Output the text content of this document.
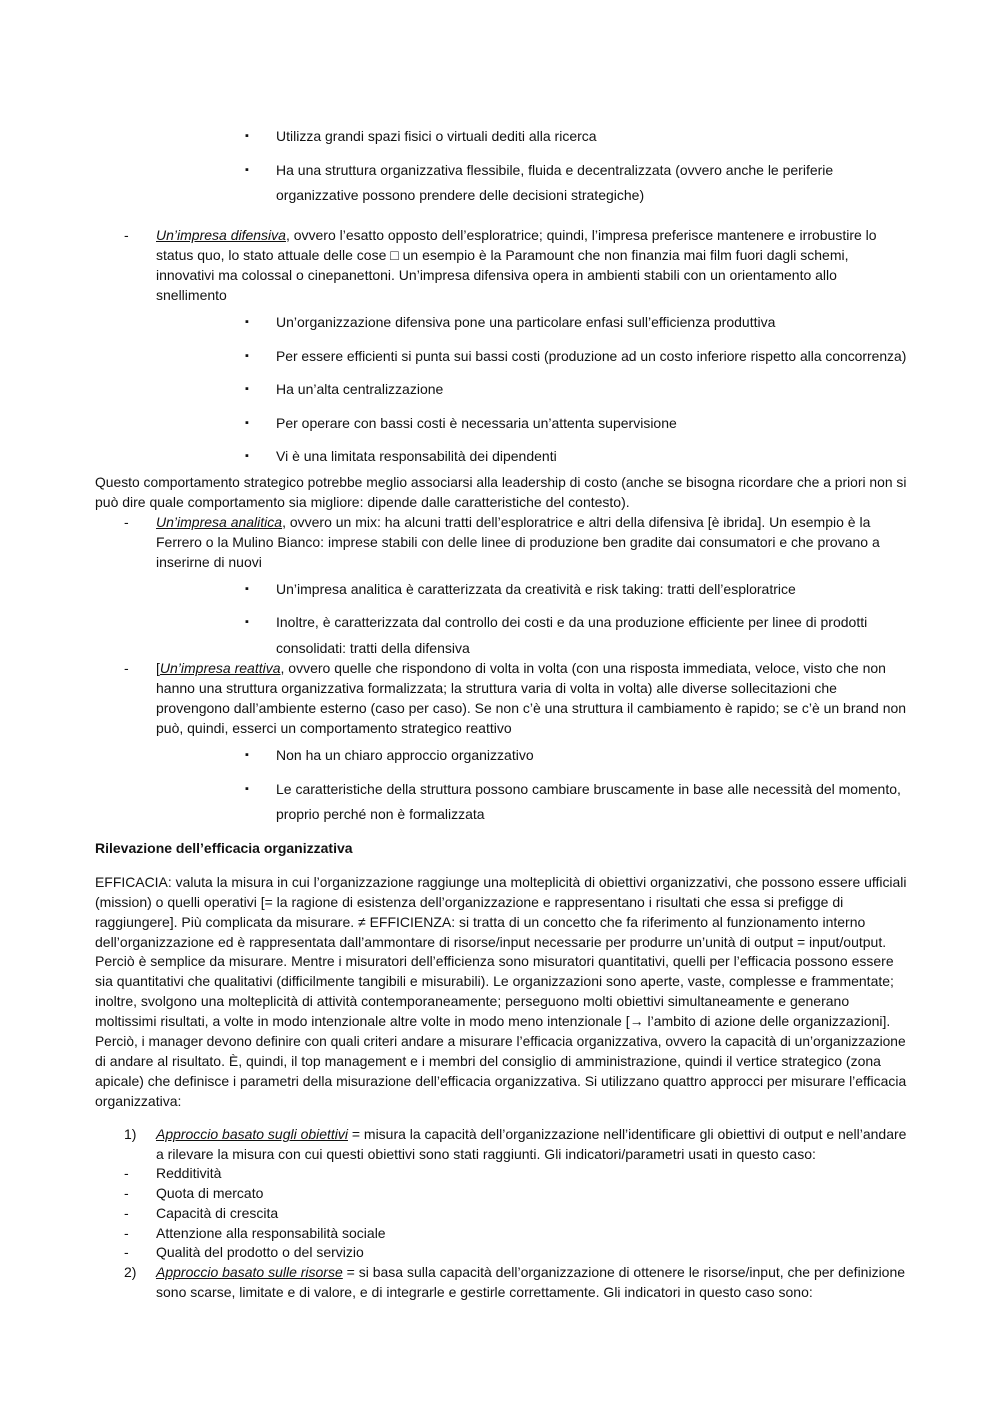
▪ Utilizza grandi spazi fisici o virtuali dediti alla ricerca
▪ Ha una struttura organizzativa flessibile, fluida e decentralizzata (ovvero anche le periferie
organizzative possono prendere delle decisioni strategiche)
- Un’impresa difensiva, ovvero l’esatto opposto dell’esploratrice; quindi, l’impresa preferisce mantenere e irrobustire lo
status quo, lo stato attuale delle cose □ un esempio è la Paramount che non finanzia mai film fuori dagli schemi,
innovativi ma colossal o cinepanettoni. Un’impresa difensiva opera in ambienti stabili con un orientamento allo
snellimento
▪ Un’organizzazione difensiva pone una particolare enfasi sull’efficienza produttiva
▪ Per essere efficienti si punta sui bassi costi (produzione ad un costo inferiore rispetto alla concorrenza)
▪ Ha un’alta centralizzazione
▪ Per operare con bassi costi è necessaria un’attenta supervisione
▪ Vi è una limitata responsabilità dei dipendenti
Questo comportamento strategico potrebbe meglio associarsi alla leadership di costo (anche se bisogna ricordare che a priori non si
può dire quale comportamento sia migliore: dipende dalle caratteristiche del contesto).
- Un’impresa analitica, ovvero un mix: ha alcuni tratti dell’esploratrice e altri della difensiva [è ibrida]. Un esempio è la
Ferrero o la Mulino Bianco: imprese stabili con delle linee di produzione ben gradite dai consumatori e che provano a
inserirne di nuovi
▪ Un’impresa analitica è caratterizzata da creatività e risk taking: tratti dell’esploratrice
▪ Inoltre, è caratterizzata dal controllo dei costi e da una produzione efficiente per linee di prodotti
consolidati: tratti della difensiva
- [Un’impresa reattiva, ovvero quelle che rispondono di volta in volta (con una risposta immediata, veloce, visto che non
hanno una struttura organizzativa formalizzata; la struttura varia di volta in volta) alle diverse sollecitazioni che
provengono dall’ambiente esterno (caso per caso). Se non c’è una struttura il cambiamento è rapido; se c’è un brand non
può, quindi, esserci un comportamento strategico reattivo
▪ Non ha un chiaro approccio organizzativo
▪ Le caratteristiche della struttura possono cambiare bruscamente in base alle necessità del momento,
proprio perché non è formalizzata
Rilevazione dell’efficacia organizzativa
EFFICACIA: valuta la misura in cui l’organizzazione raggiunge una molteplicità di obiettivi organizzativi, che possono essere ufficiali
(mission) o quelli operativi [= la ragione di esistenza dell’organizzazione e rappresentano i risultati che essa si prefigge di
raggiungere]. Più complicata da misurare. ≠ EFFICIENZA: si tratta di un concetto che fa riferimento al funzionamento interno
dell’organizzazione ed è rappresentata dall’ammontare di risorse/input necessarie per produrre un’unità di output = input/output.
Perciò è semplice da misurare. Mentre i misuratori dell’efficienza sono misuratori quantitativi, quelli per l’efficacia possono essere
sia quantitativi che qualitativi (difficilmente tangibili e misurabili). Le organizzazioni sono aperte, vaste, complesse e frammentate;
inoltre, svolgono una molteplicità di attività contemporaneamente; perseguono molti obiettivi simultaneamente e generano
moltissimi risultati, a volte in modo intenzionale altre volte in modo meno intenzionale [→ l’ambito di azione delle organizzazioni].
Perciò, i manager devono definire con quali criteri andare a misurare l’efficacia organizzativa, ovvero la capacità di un’organizzazione
di andare al risultato. È, quindi, il top management e i membri del consiglio di amministrazione, quindi il vertice strategico (zona
apicale) che definisce i parametri della misurazione dell’efficacia organizzativa. Si utilizzano quattro approcci per misurare l’efficacia
organizzativa:
1) Approccio basato sugli obiettivi = misura la capacità dell’organizzazione nell’identificare gli obiettivi di output e nell’andare
a rilevare la misura con cui questi obiettivi sono stati raggiunti. Gli indicatori/parametri usati in questo caso:
- Redditività
- Quota di mercato
- Capacità di crescita
- Attenzione alla responsabilità sociale
- Qualità del prodotto o del servizio
2) Approccio basato sulle risorse = si basa sulla capacità dell’organizzazione di ottenere le risorse/input, che per definizione
sono scarse, limitate e di valore, e di integrarle e gestirle correttamente. Gli indicatori in questo caso sono:
